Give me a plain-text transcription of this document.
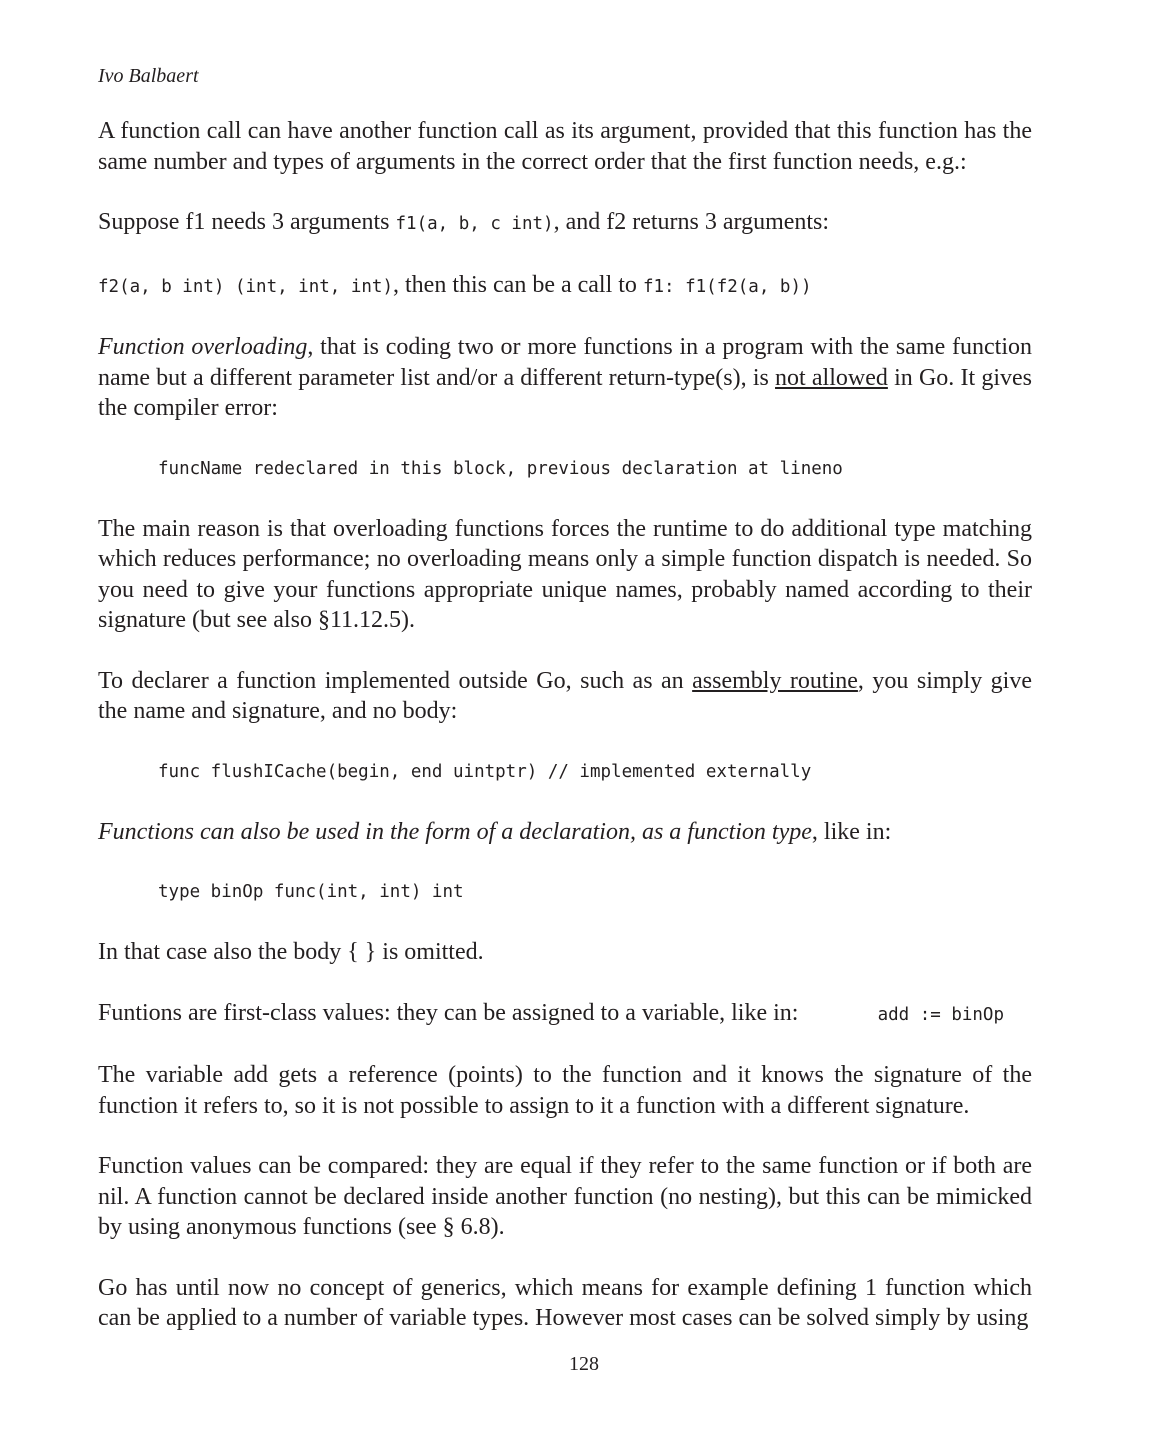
Ivo Balbaert

A function call can have another function call as its argument, provided that this function has the same number and types of arguments in the correct order that the first function needs, e.g.:

Suppose f1 needs 3 arguments f1(a, b, c int), and f2 returns 3 arguments:

f2(a, b int) (int, int, int), then this can be a call to f1: f1(f2(a, b))

Function overloading, that is coding two or more functions in a program with the same function name but a different parameter list and/or a different return-type(s), is not allowed in Go. It gives the compiler error:

funcName redeclared in this block, previous declaration at lineno

The main reason is that overloading functions forces the runtime to do additional type matching which reduces performance; no overloading means only a simple function dispatch is needed. So you need to give your functions appropriate unique names, probably named according to their signature (but see also §11.12.5).

To declarer a function implemented outside Go, such as an assembly routine, you simply give the name and signature, and no body:

func flushICache(begin, end uintptr) // implemented externally

Functions can also be used in the form of a declaration, as a function type, like in:

type binOp func(int, int) int

In that case also the body { } is omitted.

Funtions are first-class values: they can be assigned to a variable, like in:	add := binOp

The variable add gets a reference (points) to the function and it knows the signature of the function it refers to, so it is not possible to assign to it a function with a different signature.

Function values can be compared: they are equal if they refer to the same function or if both are nil. A function cannot be declared inside another function (no nesting), but this can be mimicked by using anonymous functions (see § 6.8).

Go has until now no concept of generics, which means for example defining 1 function which can be applied to a number of variable types. However most cases can be solved simply by using

128
